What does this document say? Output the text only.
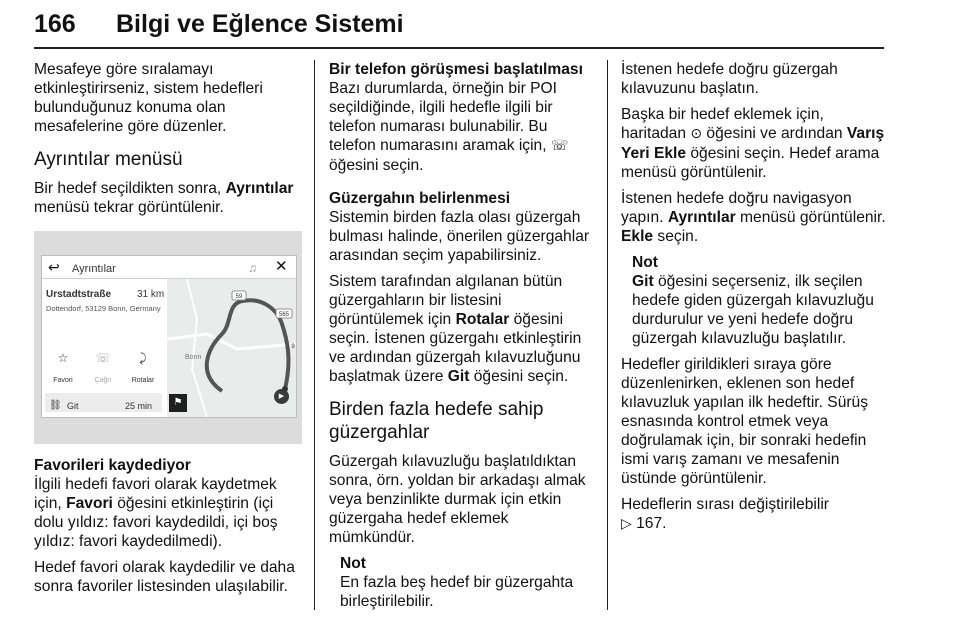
166 Bilgi ve Eğlence Sistemi

Mesafeye göre sıralamayı etkinleştirirseniz, sistem hedefleri bulunduğunuz konuma olan mesafelerine göre düzenler.

Ayrıntılar menüsü

Bir hedef seçildikten sonra, Ayrıntılar menüsü tekrar görüntülenir.

↩ Ayrıntılar	♫ ✕
Urstadtstraße	31 km
Dottendorf, 53129 Bonn, Germany
☆
Favori
☏
Çağrı
⤸
Rotalar
⛓ Git	25 min
59
565
9
Bonn
⚑
▶

Favorileri kaydediyor

İlgili hedefi favori olarak kaydetmek için, Favori öğesini etkinleştirin (içi dolu yıldız: favori kaydedildi, içi boş yıldız: favori kaydedilmedi).

Hedef favori olarak kaydedilir ve daha sonra favoriler listesinden ulaşılabilir.

Bir telefon görüşmesi başlatılması

Bazı durumlarda, örneğin bir POI seçildiğinde, ilgili hedefle ilgili bir telefon numarası bulunabilir. Bu telefon numarasını aramak için, ☏ öğesini seçin.

Güzergahın belirlenmesi

Sistemin birden fazla olası güzergah bulması halinde, önerilen güzergahlar arasından seçim yapabilirsiniz.

Sistem tarafından algılanan bütün güzergahların bir listesini görüntülemek için Rotalar öğesini seçin. İstenen güzergahı etkinleştirin ve ardından güzergah kılavuzluğunu başlatmak üzere Git öğesini seçin.

Birden fazla hedefe sahip güzergahlar

Güzergah kılavuzluğu başlatıldıktan sonra, örn. yoldan bir arkadaşı almak veya benzinlikte durmak için etkin güzergaha hedef eklemek mümkündür.

Not

En fazla beş hedef bir güzergahta birleştirilebilir.

İstenen hedefe doğru güzergah kılavuzunu başlatın.

Başka bir hedef eklemek için, haritadan ⊙ öğesini ve ardından Varış Yeri Ekle öğesini seçin. Hedef arama menüsü görüntülenir.

İstenen hedefe doğru navigasyon yapın. Ayrıntılar menüsü görüntülenir. Ekle seçin.

Not

Git öğesini seçerseniz, ilk seçilen hedefe giden güzergah kılavuzluğu durdurulur ve yeni hedefe doğru güzergah kılavuzluğu başlatılır.

Hedefler girildikleri sıraya göre düzenlenirken, eklenen son hedef kılavuzluk yapılan ilk hedeftir. Sürüş esnasında kontrol etmek veya doğrulamak için, bir sonraki hedefin ismi varış zamanı ve mesafenin üstünde görüntülenir.

Hedeflerin sırası değiştirilebilir
▷ 167.
